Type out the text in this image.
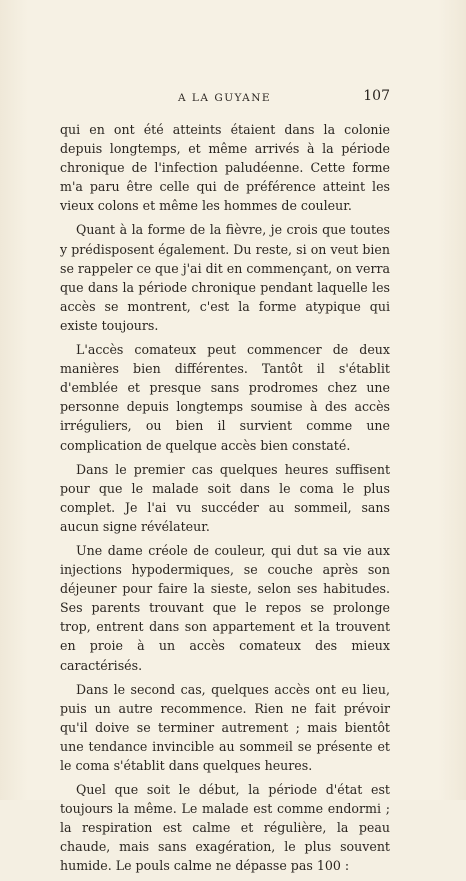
A LA GUYANE	107

qui en ont été atteints étaient dans la colonie depuis longtemps, et même arrivés à la période chronique de l'infection paludéenne. Cette forme m'a paru être celle qui de préférence atteint les vieux colons et même les hommes de couleur.

Quant à la forme de la fièvre, je crois que toutes y prédisposent également. Du reste, si on veut bien se rappeler ce que j'ai dit en commençant, on verra que dans la période chronique pendant laquelle les accès se montrent, c'est la forme atypique qui existe toujours.

L'accès comateux peut commencer de deux manières bien différentes. Tantôt il s'établit d'emblée et presque sans prodromes chez une personne depuis longtemps soumise à des accès irréguliers, ou bien il survient comme une complication de quelque accès bien constaté.

Dans le premier cas quelques heures suffisent pour que le malade soit dans le coma le plus complet. Je l'ai vu succéder au sommeil, sans aucun signe révélateur.

Une dame créole de couleur, qui dut sa vie aux injections hypodermiques, se couche après son déjeuner pour faire la sieste, selon ses habitudes. Ses parents trouvant que le repos se prolonge trop, entrent dans son appartement et la trouvent en proie à un accès comateux des mieux caractérisés.

Dans le second cas, quelques accès ont eu lieu, puis un autre recommence. Rien ne fait prévoir qu'il doive se terminer autrement ; mais bientôt une tendance invincible au sommeil se présente et le coma s'établit dans quelques heures.

Quel que soit le début, la période d'état est toujours la même. Le malade est comme endormi ; la respiration est calme et régulière, la peau chaude, mais sans exagération, le plus souvent humide. Le pouls calme ne dépasse pas 100 :
